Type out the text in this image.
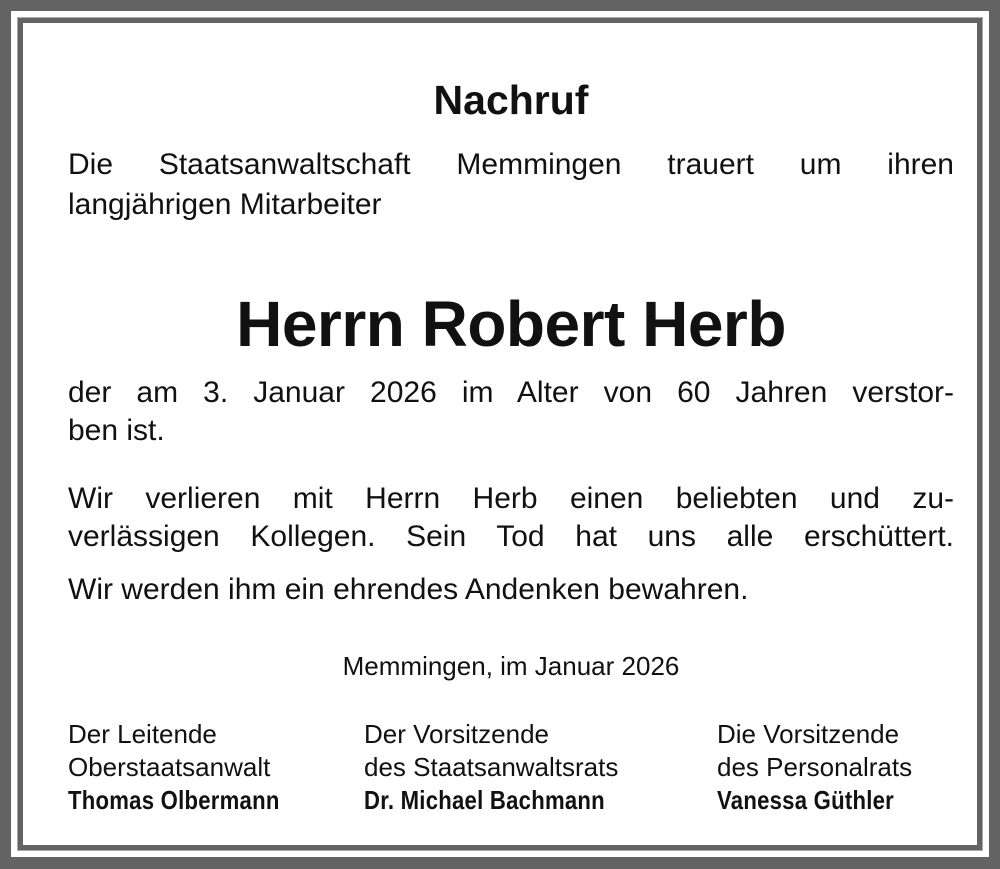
Nachruf
Die Staatsanwaltschaft Memmingen trauert um ihren
langjährigen Mitarbeiter
Herrn Robert Herb
der am 3. Januar 2026 im Alter von 60 Jahren verstor-
ben ist.
Wir verlieren mit Herrn Herb einen beliebten und zu-
verlässigen Kollegen. Sein Tod hat uns alle erschüttert.
Wir werden ihm ein ehrendes Andenken bewahren.
Memmingen, im Januar 2026
Der Leitende
Oberstaatsanwalt
Thomas Olbermann
Der Vorsitzende
des Staatsanwaltsrats
Dr. Michael Bachmann
Die Vorsitzende
des Personalrats
Vanessa Güthler
